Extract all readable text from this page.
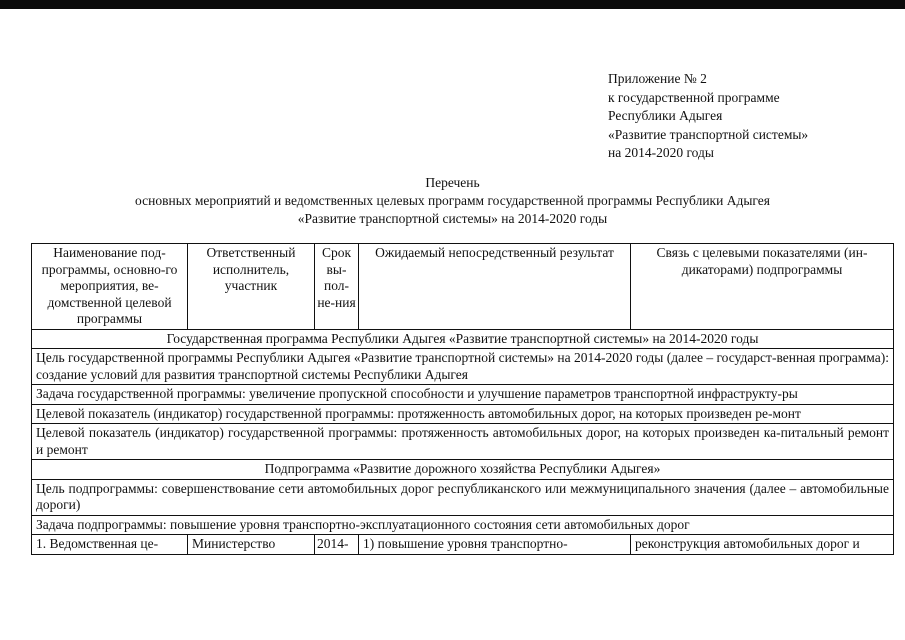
Приложение № 2
к государственной программе
Республики Адыгея
«Развитие транспортной системы»
на 2014-2020 годы
Перечень
основных мероприятий и ведомственных целевых программ государственной программы Республики Адыгея
«Развитие транспортной системы» на 2014-2020 годы
Наименование под-программы, основно-го мероприятия, ве-домственной целевой программы	Ответственный исполнитель, участник	Срок вы-пол-не-ния	Ожидаемый непосредственный результат	Связь с целевыми показателями (ин-дикаторами) подпрограммы
Государственная программа Республики Адыгея «Развитие транспортной системы» на 2014-2020 годы				
Цель государственной программы Республики Адыгея «Развитие транспортной системы» на 2014-2020 годы (далее – государст-венная программа): создание условий для развития транспортной системы Республики Адыгея				
Задача государственной программы: увеличение пропускной способности и улучшение параметров транспортной инфраструкту-ры				
Целевой показатель (индикатор) государственной программы: протяженность автомобильных дорог, на которых произведен ре-монт				
Целевой показатель (индикатор) государственной программы: протяженность автомобильных дорог, на которых произведен ка-питальный ремонт и ремонт				
Подпрограмма «Развитие дорожного хозяйства Республики Адыгея»				
Цель подпрограммы: совершенствование сети автомобильных дорог республиканского или межмуниципального значения (далее – автомобильные дороги)				
Задача подпрограммы: повышение уровня транспортно-эксплуатационного состояния сети автомобильных дорог				
1. Ведомственная це-	Министерство	2014-	1) повышение уровня транспортно-	реконструкция автомобильных дорог и
